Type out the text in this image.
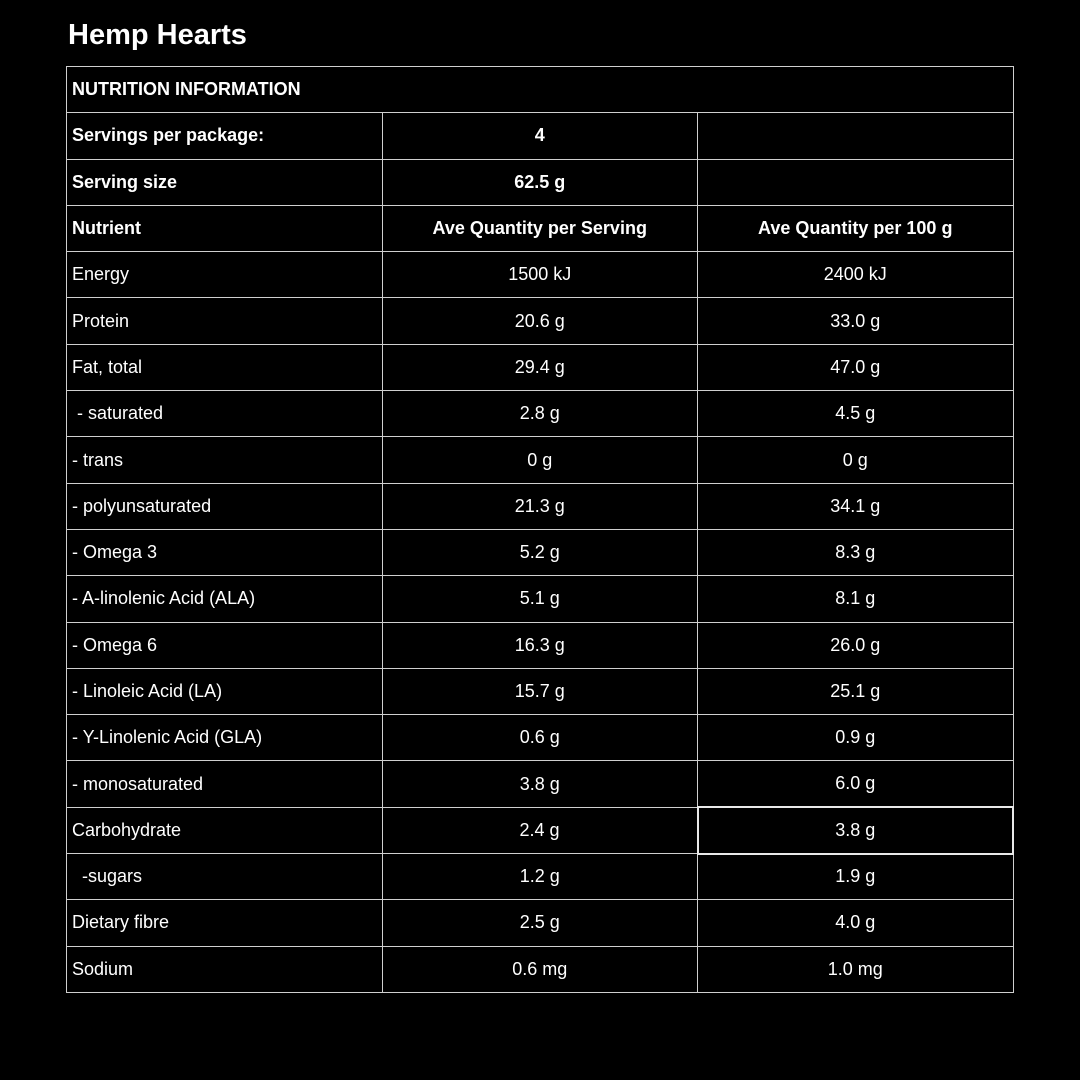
Hemp Hearts
NUTRITION INFORMATION		
Servings per package:	4	
Serving size	62.5 g	
Nutrient	Ave Quantity per Serving	Ave Quantity per 100 g
Energy	1500 kJ	2400 kJ
Protein	20.6 g	33.0 g
Fat, total	29.4 g	47.0 g
- saturated	2.8 g	4.5 g
- trans	0 g	0 g
- polyunsaturated	21.3 g	34.1 g
- Omega 3	5.2 g	8.3 g
- A-linolenic Acid (ALA)	5.1 g	8.1 g
- Omega 6	16.3 g	26.0 g
- Linoleic Acid (LA)	15.7 g	25.1 g
- Y-Linolenic Acid (GLA)	0.6 g	0.9 g
- monosaturated	3.8 g	6.0 g
Carbohydrate	2.4 g	3.8 g
-sugars	1.2 g	1.9 g
Dietary fibre	2.5 g	4.0 g
Sodium	0.6 mg	1.0 mg
